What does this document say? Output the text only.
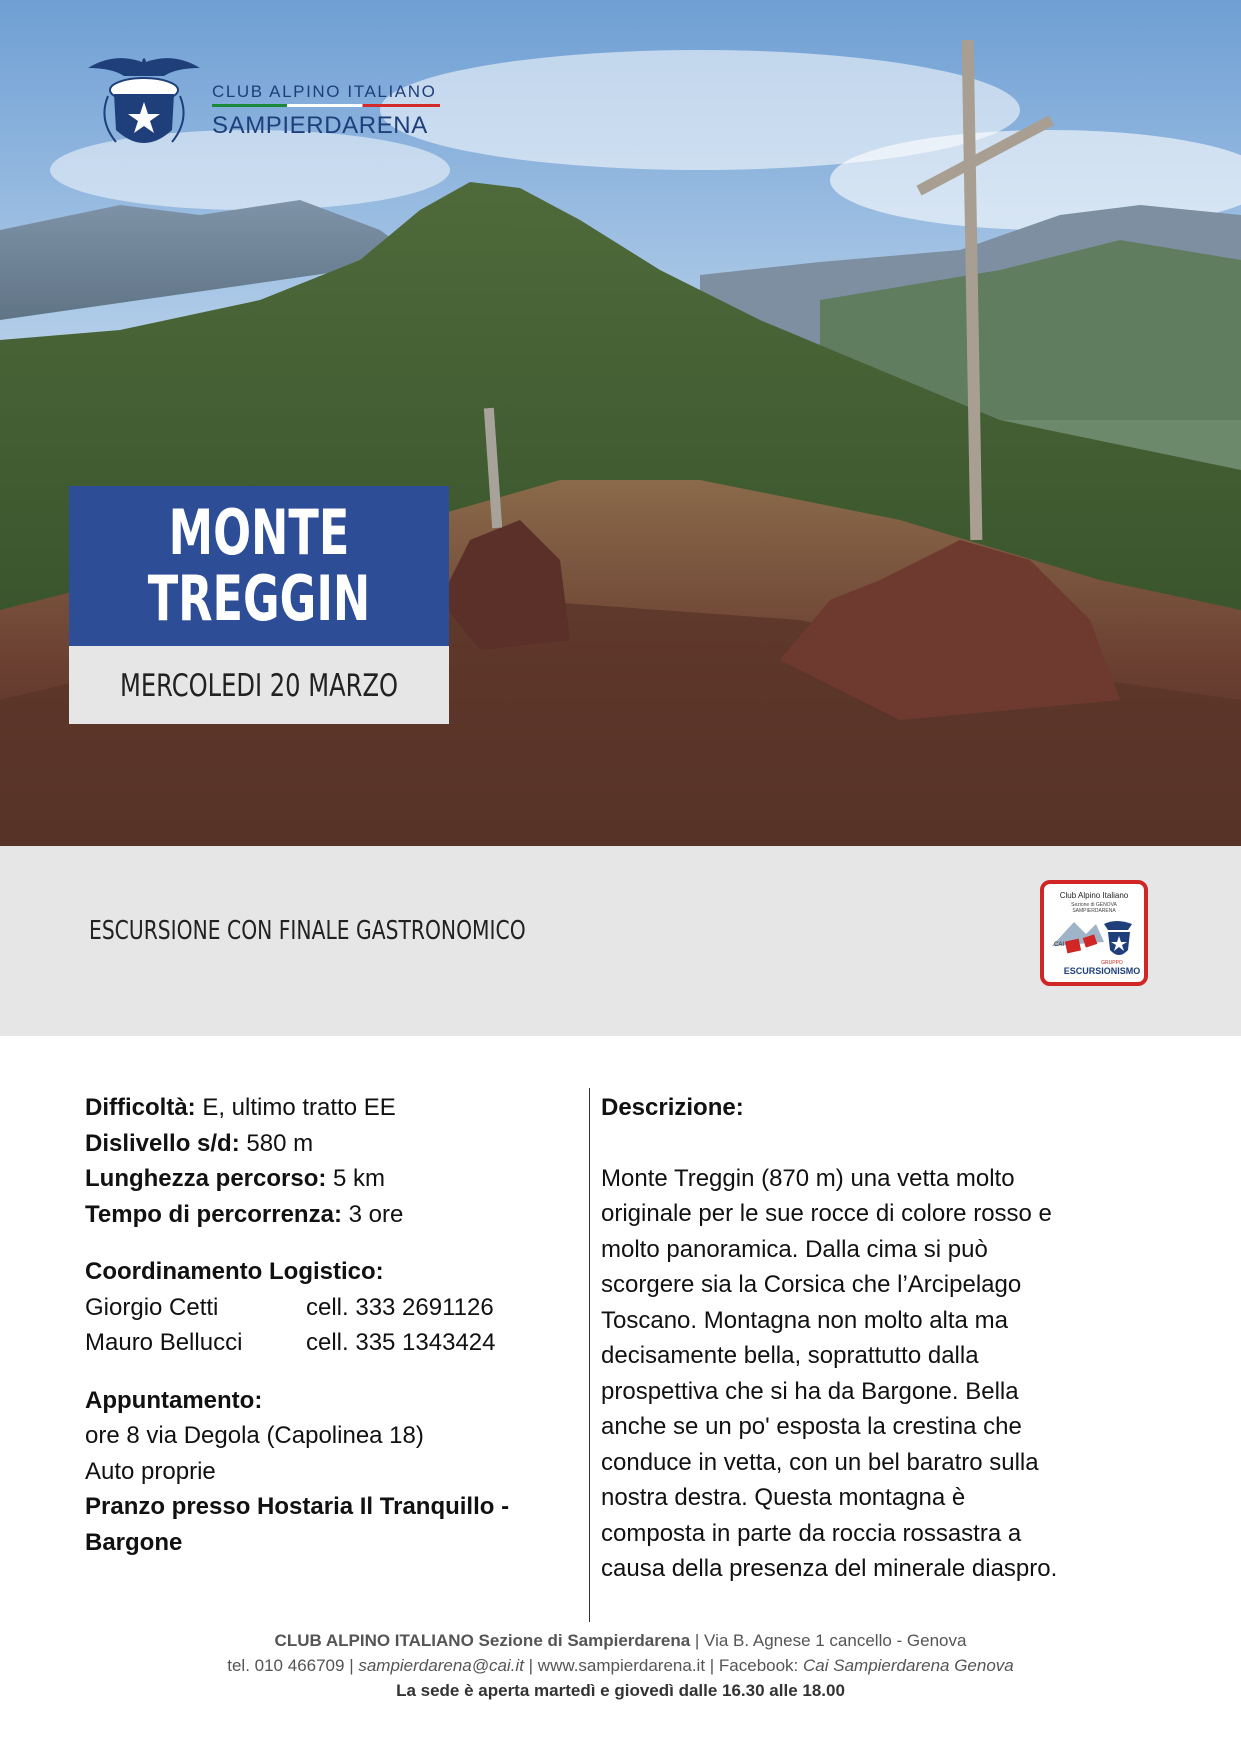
CLUB ALPINO ITALIANO
SAMPIERDARENA
MONTE
TREGGIN
MERCOLEDI 20 MARZO
ESCURSIONE CON FINALE GASTRONOMICO
Club Alpino Italiano
Sezione di GENOVA
SAMPIERDARENA
CAI
GRUPPO
ESCURSIONISMO
Difficoltà: E, ultimo tratto EE
Dislivello s/d: 580 m
Lunghezza percorso: 5 km
Tempo di percorrenza: 3 ore
Coordinamento Logistico:
Giorgio Cetti	cell. 333 2691126
Mauro Bellucci	cell. 335 1343424
Appuntamento:
ore 8 via Degola (Capolinea 18)
Auto proprie
Pranzo presso Hostaria Il Tranquillo -
Bargone
Descrizione:
Monte Treggin (870 m) una vetta molto
originale per le sue rocce di colore rosso e
molto panoramica. Dalla cima si può
scorgere sia la Corsica che l’Arcipelago
Toscano. Montagna non molto alta ma
decisamente bella, soprattutto dalla
prospettiva che si ha da Bargone. Bella
anche se un po' esposta la crestina che
conduce in vetta, con un bel baratro sulla
nostra destra. Questa montagna è
composta in parte da roccia rossastra a
causa della presenza del minerale diaspro.
CLUB ALPINO ITALIANO Sezione di Sampierdarena | Via B. Agnese 1 cancello - Genova
tel. 010 466709 | sampierdarena@cai.it | www.sampierdarena.it | Facebook: Cai Sampierdarena Genova
La sede è aperta martedì e giovedì dalle 16.30 alle 18.00
